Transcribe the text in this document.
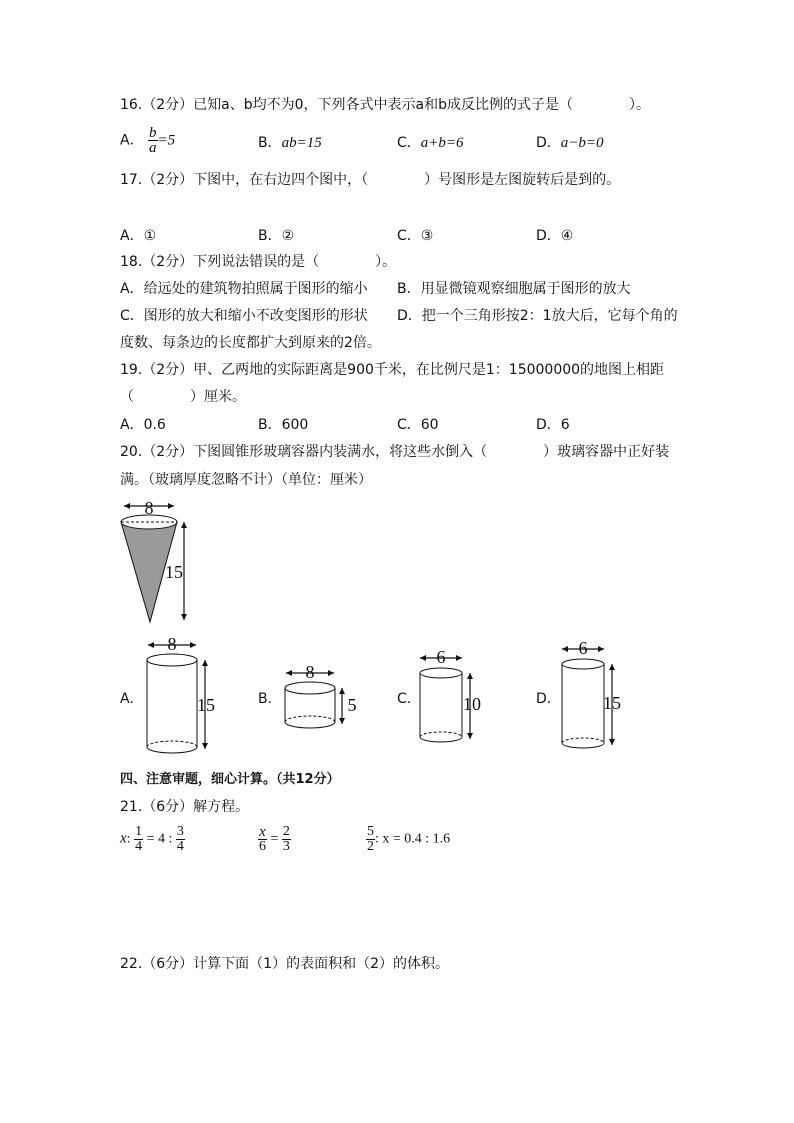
16.（2分）已知a、b均不为0，下列各式中表示a和b成反比例的式子是（　　　　）。
A． $\frac{b}{a} =5$	B．ab=15	C．a+b=6	D．a−b=0
17.（2分）下图中，在右边四个图中，（　　　　）号图形是左图旋转后是到的。
A．①	B．②	C．③	D．④
18.（2分）下列说法错误的是（　　　　）。
A．给远处的建筑物拍照属于图形的缩小 B．用显微镜观察细胞属于图形的放大
C．图形的放大和缩小不改变图形的形状 D．把一个三角形按2：1放大后，它每个角的
度数、每条边的长度都扩大到原来的2倍。
19.（2分）甲、乙两地的实际距离是900千米，在比例尺是1：15000000的地图上相距
（　　　　）厘米。
A．0.6	B．600	C．60	D．6
20.（2分）下图圆锥形玻璃容器内装满水，将这些水倒入（　　　　）玻璃容器中正好装
满。（玻璃厚度忽略不计）（单位：厘米）
8
15
A.
8
15	B.
8
5	C.
6
10	D.
6
15
四、注意审题，细心计算。（共12分）
21.（6分）解方程。
x: $\frac{1}{4} = 4$ : $\frac{3}{4}$	$\frac{x}{6} = \frac{2}{3}$	$\frac{5}{2}$ : x = 0.4 : 1.6
22.（6分）计算下面（1）的表面积和（2）的体积。
